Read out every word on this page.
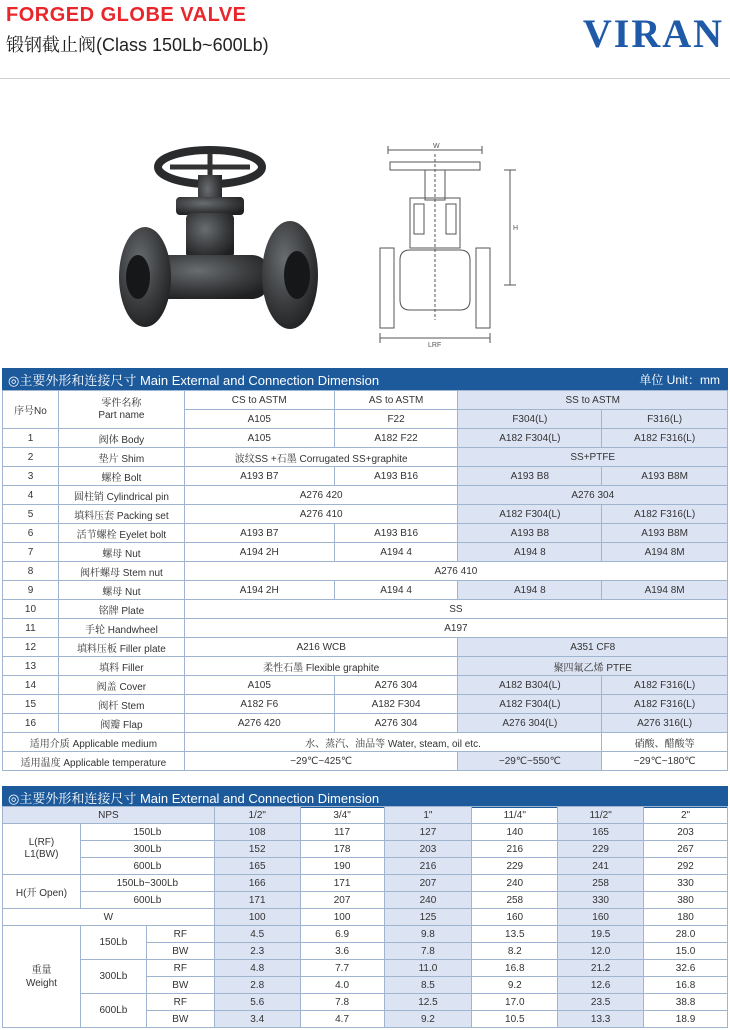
FORGED GLOBE VALVE
锻钢截止阀(Class 150Lb~600Lb)	VIRAN
W
H
LRF
◎主要外形和连接尺寸 Main External and Connection Dimension	单位 Unit：mm
序号No	零件名称
Part name	CS to ASTM	AS to ASTM	SS to ASTM	
		A105	F22	F304(L)	F316(L)
1	阀体 Body	A105	A182 F22	A182 F304(L)	A182 F316(L)
2	垫片 Shim	波纹SS +石墨 Corrugated SS+graphite		SS+PTFE	
3	螺栓 Bolt	A193 B7	A193 B16	A193 B8	A193 B8M
4	圆柱销 Cylindrical pin	A276 420		A276 304	
5	填料压套 Packing set	A276 410		A182 F304(L)	A182 F316(L)
6	活节螺栓 Eyelet bolt	A193 B7	A193 B16	A193 B8	A193 B8M
7	螺母 Nut	A194 2H	A194 4	A194 8	A194 8M
8	阀杆螺母 Stem nut	A276 410			
9	螺母 Nut	A194 2H	A194 4	A194 8	A194 8M
10	铭牌 Plate	SS			
11	手轮 Handwheel	A197			
12	填料压板 Filler plate	A216 WCB		A351 CF8	
13	填料 Filler	柔性石墨 Flexible graphite		聚四氟乙烯 PTFE	
14	阀盖 Cover	A105	A276 304	A182 B304(L)	A182 F316(L)
15	阀杆 Stem	A182 F6	A182 F304	A182 F304(L)	A182 F316(L)
16	阀瓣 Flap	A276 420	A276 304	A276 304(L)	A276 316(L)
适用介质 Applicable medium		水、蒸汽、油品等 Water, steam, oil etc.			硝酸、醋酸等
适用温度 Applicable temperature		−29℃~425℃		−29℃~550℃	−29℃~180℃
◎主要外形和连接尺寸 Main External and Connection Dimension
NPS			1/2"	3/4"	1"	11/4"	11/2"	2"

L(RF)
L1(BW)	150Lb		108	117	127	140	165	203
	300Lb		152	178	203	216	229	267
	600Lb		165	190	216	229	241	292
H(开 Open)	150Lb~300Lb		166	171	207	240	258	330
	600Lb		171	207	240	258	330	380
W			100	100	125	160	160	180

重量
Weight	150Lb	RF	4.5	6.9	9.8	13.5	19.5	28.0
		BW	2.3	3.6	7.8	8.2	12.0	15.0
	300Lb	RF	4.8	7.7	11.0	16.8	21.2	32.6
		BW	2.8	4.0	8.5	9.2	12.6	16.8
	600Lb	RF	5.6	7.8	12.5	17.0	23.5	38.8
		BW	3.4	4.7	9.2	10.5	13.3	18.9
